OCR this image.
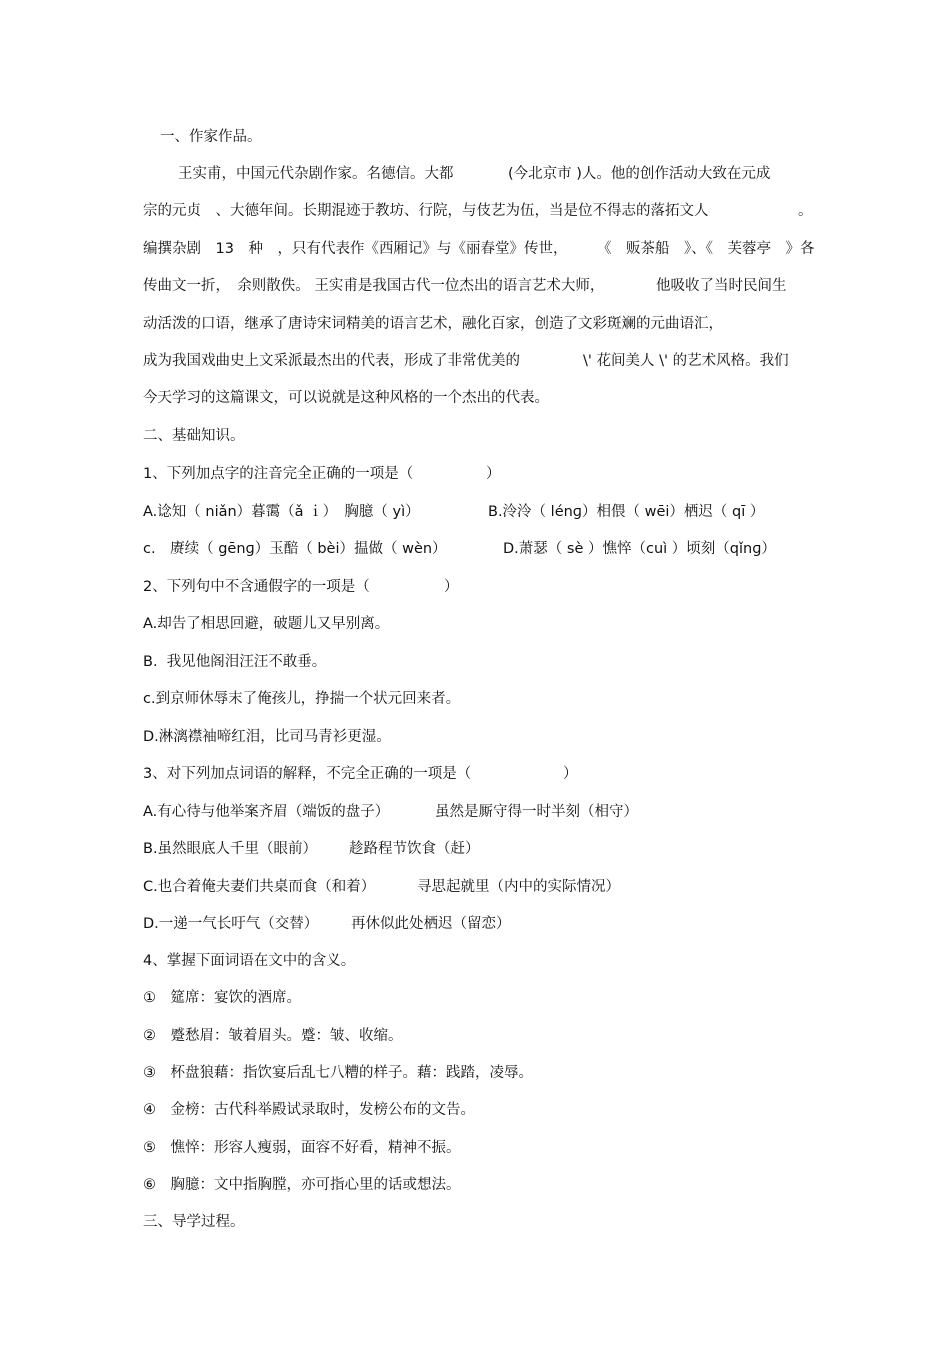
一、作家作品。
王实甫，中国元代杂剧作家。名德信。大都	(今北京市 )人。他的创作活动大致在元成
宗的元贞　、大德年间。长期混迹于教坊、行院，与伎艺为伍，当是位不得志的落拓文人	。
编撰杂剧　13　种　，只有代表作《西厢记》与《丽春堂》传世， 《　贩茶船　》、《　芙蓉亭　》各
传曲文一折，　余则散佚。 王实甫是我国古代一位杰出的语言艺术大师，	他吸收了当时民间生
动活泼的口语，继承了唐诗宋词精美的语言艺术，融化百家，创造了文彩斑斓的元曲语汇，
成为我国戏曲史上文采派最杰出的代表，形成了非常优美的	\' 花间美人 \' 的艺术风格。我们
今天学习的这篇课文，可以说就是这种风格的一个杰出的代表。
二、基础知识。
1、下列加点字的注音完全正确的一项是（	）
A.谂知（ niǎn）暮霭（ǎ ｉ）　胸臆（ yì）	B.泠泠（ lénɡ）相偎（ wēi）栖迟（ qī ）
c.　赓续（ gēnɡ）玉醅（ bèi）揾做（ wèn）	D.萧瑟（ sè ）憔悴（cuì ）顷刻（qǐnɡ）
2、下列句中不含通假字的一项是（	）
A.却告了相思回避，破题儿又早别离。
B.  我见他阁泪汪汪不敢垂。
c.到京师休辱末了俺孩儿，挣揣一个状元回来者。
D.淋漓襟袖啼红泪，比司马青衫更湿。
3、对下列加点词语的解释，不完全正确的一项是（	）
A.有心待与他举案齐眉（端饭的盘子）	虽然是厮守得一时半刻（相守）
B.虽然眼底人千里（眼前） 趁路程节饮食（赶）
C.也合着俺夫妻们共桌而食（和着）	寻思起就里（内中的实际情况）
D.一递一气长吁气（交替） 再休似此处栖迟（留恋）
4、掌握下面词语在文中的含义。
①　筵席：宴饮的酒席。
②　蹙愁眉：皱着眉头。蹙：皱、收缩。
③　杯盘狼藉：指饮宴后乱七八糟的样子。藉：践踏，凌辱。
④　金榜：古代科举殿试录取时，发榜公布的文告。
⑤　憔悴：形容人瘦弱，面容不好看，精神不振。
⑥　胸臆：文中指胸膛，亦可指心里的话或想法。
三、导学过程。
